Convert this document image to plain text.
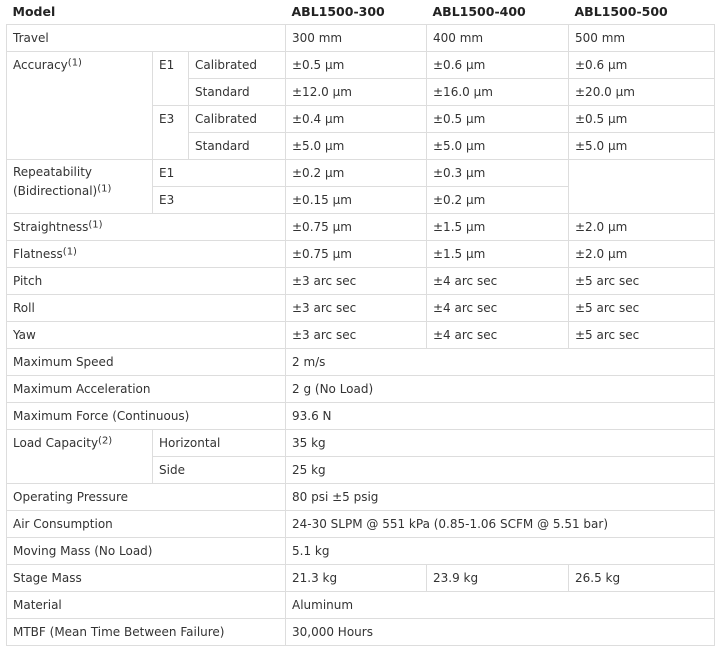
Model			ABL1500-300	ABL1500-400	ABL1500-500
Travel			300 mm	400 mm	500 mm
Accuracy$^{(1)}$	E1	Calibrated	±0.5 µm	±0.6 µm	±0.6 µm
		Standard	±12.0 µm	±16.0 µm	±20.0 µm
	E3	Calibrated	±0.4 µm	±0.5 µm	±0.5 µm
		Standard	±5.0 µm	±5.0 µm	±5.0 µm
Repeatability
(Bidirectional)$^{(1)}$	E1		±0.2 µm	±0.3 µm	
	E3		±0.15 µm	±0.2 µm	
Straightness$^{(1)}$			±0.75 µm	±1.5 µm	±2.0 µm
Flatness$^{(1)}$			±0.75 µm	±1.5 µm	±2.0 µm
Pitch			±3 arc sec	±4 arc sec	±5 arc sec
Roll			±3 arc sec	±4 arc sec	±5 arc sec
Yaw			±3 arc sec	±4 arc sec	±5 arc sec
Maximum Speed			2 m/s		
Maximum Acceleration			2 g (No Load)		
Maximum Force (Continuous)			93.6 N		
Load Capacity$^{(2)}$	Horizontal		35 kg		
	Side		25 kg		
Operating Pressure			80 psi ±5 psig		
Air Consumption			24-30 SLPM @ 551 kPa (0.85-1.06 SCFM @ 5.51 bar)		
Moving Mass (No Load)			5.1 kg		
Stage Mass			21.3 kg	23.9 kg	26.5 kg
Material			Aluminum		
MTBF (Mean Time Between Failure)			30,000 Hours		
